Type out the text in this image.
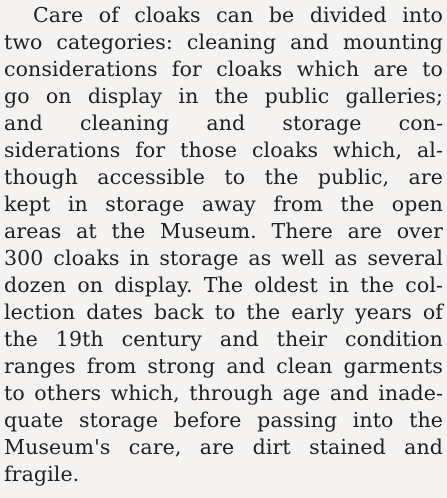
Care of cloaks can be divided into
two categories: cleaning and mounting
considerations for cloaks which are to
go on display in the public galleries;
and cleaning and storage con-
siderations for those cloaks which, al-
though accessible to the public, are
kept in storage away from the open
areas at the Museum. There are over
300 cloaks in storage as well as several
dozen on display. The oldest in the col-
lection dates back to the early years of
the 19th century and their condition
ranges from strong and clean garments
to others which, through age and inade-
quate storage before passing into the
Museum's care, are dirt stained and
fragile.
